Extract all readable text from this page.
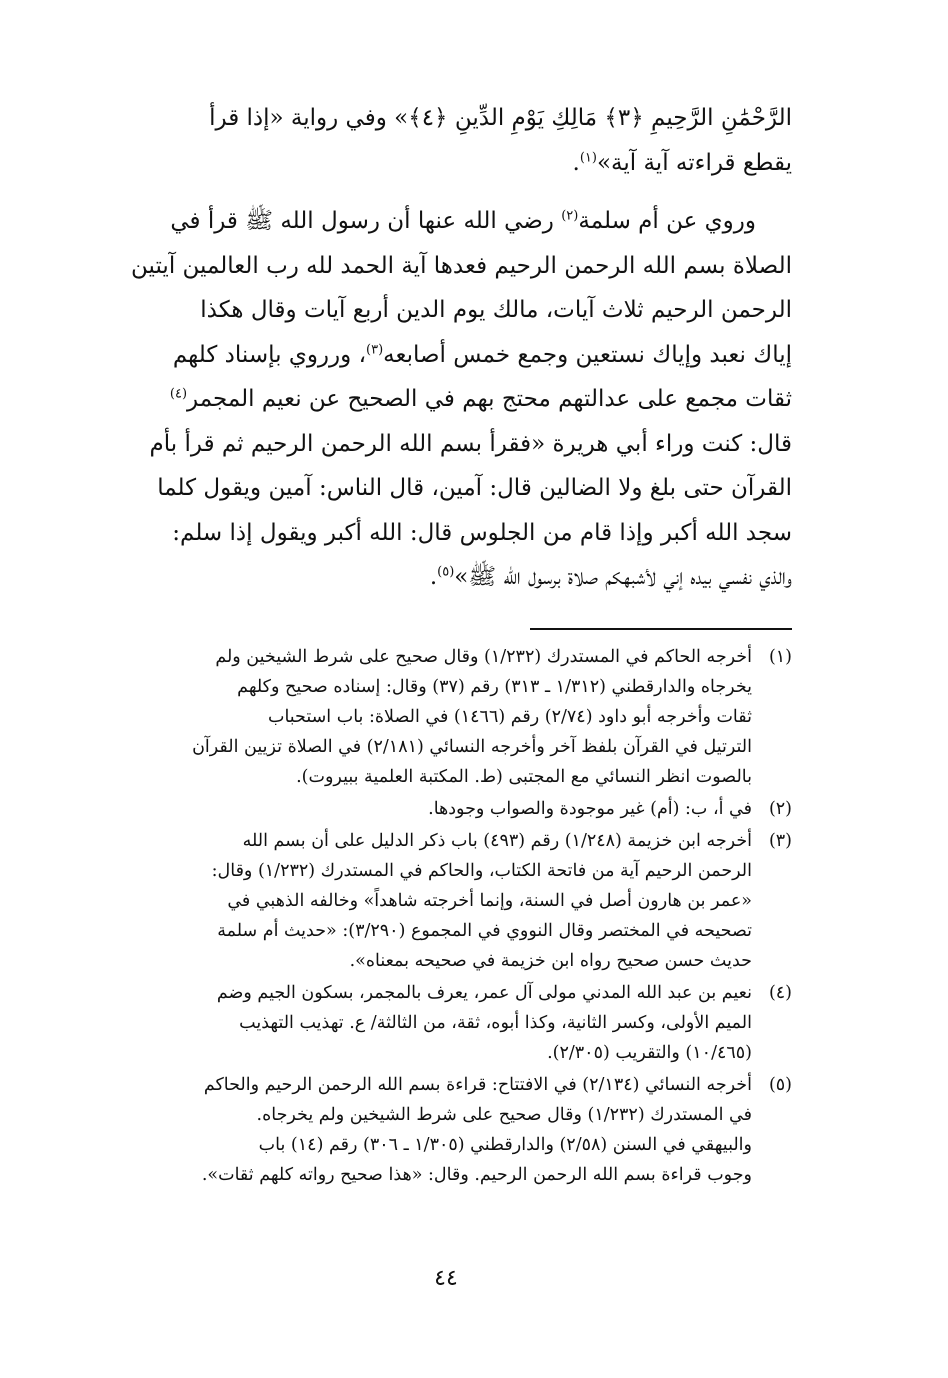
الرَّحْمَٰنِ الرَّحِيمِ ﴿٣﴾ مَالِكِ يَوْمِ الدِّينِ ﴿٤﴾» وفي رواية «إذا قرأ
يقطع قراءته آية آية»$^{(١)}$.

وروي عن أم سلمة$^{(٢)}$ رضي الله عنها أن رسول الله ﷺ قرأ في

الصلاة بسم الله الرحمن الرحيم فعدها آية الحمد لله رب العالمين آيتين
الرحمن الرحيم ثلاث آيات، مالك يوم الدين أربع آيات وقال هكذا
إياك نعبد وإياك نستعين وجمع خمس أصابعه$^{(٣)}$، ورروي بإسناد كلهم
ثقات مجمع على عدالتهم محتج بهم في الصحيح عن نعيم المجمر$^{(٤)}$
قال: كنت وراء أبي هريرة «فقرأ بسم الله الرحمن الرحيم ثم قرأ بأم
القرآن حتى بلغ ولا الضالين قال: آمين، قال الناس: آمين ويقول كلما
سجد الله أكبر وإذا قام من الجلوس قال: الله أكبر ويقول إذا سلم:
والذي نفسي بيده إني لأشبهكم صلاة برسول الله ﷺ»$^{(٥)}$.

(١)
أخرجه الحاكم في المستدرك (١/٢٣٢) وقال صحيح على شرط الشيخين ولم
يخرجاه والدارقطني (١/٣١٢ ـ ٣١٣) رقم (٣٧) وقال: إسناده صحيح وكلهم
ثقات وأخرجه أبو داود (٢/٧٤) رقم (١٤٦٦) في الصلاة: باب استحباب
الترتيل في القرآن بلفظ آخر وأخرجه النسائي (٢/١٨١) في الصلاة تزيين القرآن
بالصوت انظر النسائي مع المجتبى (ط. المكتبة العلمية ببيروت).
(٢)
في أ، ب: (أم) غير موجودة والصواب وجودها.
(٣)
أخرجه ابن خزيمة (١/٢٤٨) رقم (٤٩٣) باب ذكر الدليل على أن بسم الله
الرحمن الرحيم آية من فاتحة الكتاب، والحاكم في المستدرك (١/٢٣٢) وقال:
«عمر بن هارون أصل في السنة، وإنما أخرجته شاهداً» وخالفه الذهبي في
تصحيحه في المختصر وقال النووي في المجموع (٣/٢٩٠): «حديث أم سلمة
حديث حسن صحيح رواه ابن خزيمة في صحيحه بمعناه».
(٤)
نعيم بن عبد الله المدني مولى آل عمر، يعرف بالمجمر، بسكون الجيم وضم
الميم الأولى، وكسر الثانية، وكذا أبوه، ثقة، من الثالثة/ ع. تهذيب التهذيب
(١٠/٤٦٥) والتقريب (٢/٣٠٥).
(٥)
أخرجه النسائي (٢/١٣٤) في الافتتاح: قراءة بسم الله الرحمن الرحيم والحاكم
في المستدرك (١/٢٣٢) وقال صحيح على شرط الشيخين ولم يخرجاه.
والبيهقي في السنن (٢/٥٨) والدارقطني (١/٣٠٥ ـ ٣٠٦) رقم (١٤) باب
وجوب قراءة بسم الله الرحمن الرحيم. وقال: «هذا صحيح رواته كلهم ثقات».
٤٤
